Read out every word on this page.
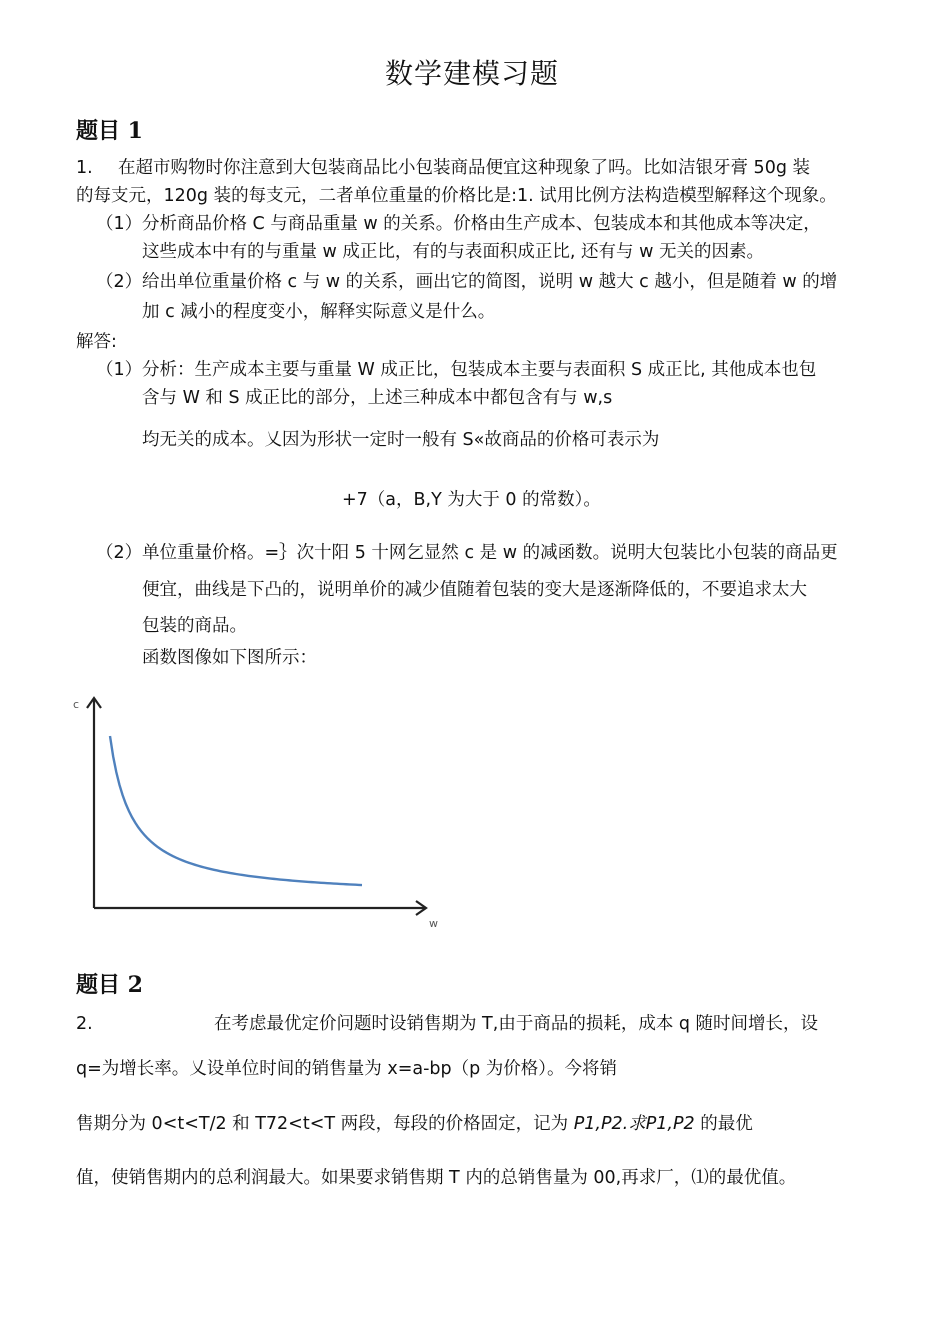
数学建模习题
题目 1
1. 在超市购物时你注意到大包装商品比小包装商品便宜这种现象了吗。比如洁银牙膏 50g 装
的每支元，120g 装的每支元，二者单位重量的价格比是:1. 试用比例方法构造模型解释这个现象。
（1） 分析商品价格 C 与商品重量 w 的关系。价格由生产成本、包装成本和其他成本等决定，
这些成本中有的与重量 w 成正比，有的与表面积成正比, 还有与 w 无关的因素。
（2） 给出单位重量价格 c 与 w 的关系，画出它的简图，说明 w 越大 c 越小，但是随着 w 的增
加 c 减小的程度变小，解释实际意义是什么。
解答:
（1） 分析：生产成本主要与重量 W 成正比，包装成本主要与表面积 S 成正比, 其他成本也包
含与 W 和 S 成正比的部分，上述三种成本中都包含有与 w,s
均无关的成本。乂因为形状一定时一般有 S«故商品的价格可表示为
+7（a，B,Y 为大于 0 的常数）。
（2） 单位重量价格。=｝次十阳 5 十网乞显然 c 是 w 的减函数。说明大包装比小包装的商品更
便宜，曲线是下凸的，说明单价的减少值随着包装的变大是逐渐降低的，不要追求太大
包装的商品。
函数图像如下图所示：
c
w
题目 2
2.	在考虑最优定价问题时设销售期为 T,由于商品的损耗，成本 q 随时间增长，设
q=为增长率。乂设单位时间的销售量为 x=a-bp（p 为价格）。今将销
售期分为 0<t<T/2 和 T72<t<T 两段，每段的价格固定，记为 P1,P2.求P1,P2 的最优
值，使销售期内的总利润最大。如果要求销售期 T 内的总销售量为 00,再求厂，⑴的最优值。
